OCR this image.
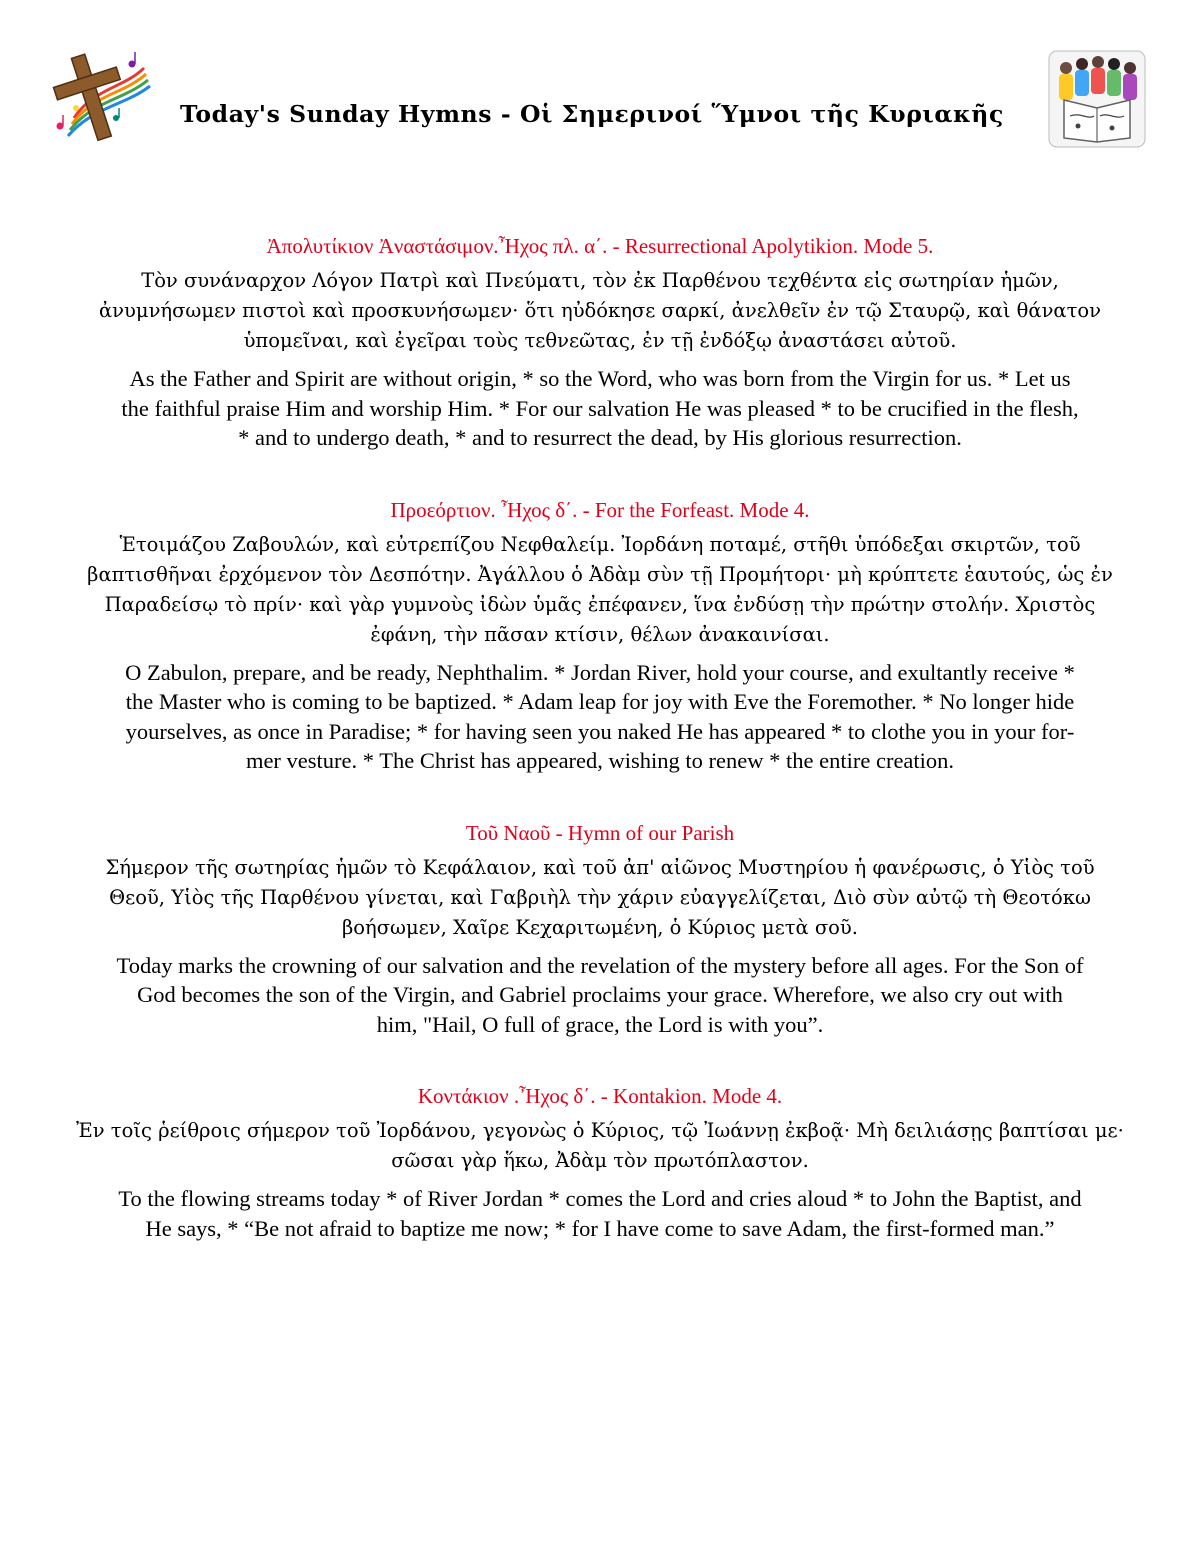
Today's Sunday Hymns - Οἱ Σημερινοί Ὕμνοι τῆς Κυριακῆς
Ἀπολυτίκιον Ἀναστάσιμον.Ἦχος πλ. α΄. - Resurrectional Apolytikion. Mode 5.
Τὸν συνάναρχον Λόγον Πατρὶ καὶ Πνεύματι, τὸν ἐκ Παρθένου τεχθέντα εἰς σωτηρίαν ἡμῶν,
ἀνυμνήσωμεν πιστοὶ καὶ προσκυνήσωμεν· ὅτι ηὐδόκησε σαρκί, ἀνελθεῖν ἐν τῷ Σταυρῷ, καὶ θάνατον
ὑπομεῖναι, καὶ ἐγεῖραι τοὺς τεθνεῶτας, ἐν τῇ ἐνδόξῳ ἀναστάσει αὐτοῦ.
As the Father and Spirit are without origin, * so the Word, who was born from the Virgin for us. * Let us
the faithful praise Him and worship Him. * For our salvation He was pleased * to be crucified in the flesh,
* and to undergo death, * and to resurrect the dead, by His glorious resurrection.
Προεόρτιον. Ἦχος δ΄. - For the Forfeast. Mode 4.
Ἑτοιμάζου Ζαβουλών, καὶ εὐτρεπίζου Νεφθαλείμ. Ἰορδάνη ποταμέ, στῆθι ὑπόδεξαι σκιρτῶν, τοῦ
βαπτισθῆναι ἐρχόμενον τὸν Δεσπότην. Ἀγάλλου ὁ Ἀδὰμ σὺν τῇ Προμήτορι· μὴ κρύπτετε ἑαυτούς, ὡς ἐν
Παραδείσῳ τὸ πρίν· καὶ γὰρ γυμνοὺς ἰδὼν ὑμᾶς ἐπέφανεν, ἵνα ἐνδύσῃ τὴν πρώτην στολήν. Χριστὸς
ἐφάνη, τὴν πᾶσαν κτίσιν, θέλων ἀνακαινίσαι.
O Zabulon, prepare, and be ready, Nephthalim. * Jordan River, hold your course, and exultantly receive *
the Master who is coming to be baptized. * Adam leap for joy with Eve the Foremother. * No longer hide
yourselves, as once in Paradise; * for having seen you naked He has appeared * to clothe you in your for-
mer vesture. * The Christ has appeared, wishing to renew * the entire creation.
Τοῦ Ναοῦ - Hymn of our Parish
Σήμερον τῆς σωτηρίας ἡμῶν τὸ Κεφάλαιον, καὶ τοῦ ἀπ' αἰῶνος Μυστηρίου ἡ φανέρωσις, ὁ Υἱὸς τοῦ
Θεοῦ, Υἱὸς τῆς Παρθένου γίνεται, καὶ Γαβριὴλ τὴν χάριν εὐαγγελίζεται, Διὸ σὺν αὐτῷ τὴ Θεοτόκω
βοήσωμεν, Χαῖρε Κεχαριτωμένη, ὁ Κύριος μετὰ σοῦ.
Today marks the crowning of our salvation and the revelation of the mystery before all ages. For the Son of
God becomes the son of the Virgin, and Gabriel proclaims your grace. Wherefore, we also cry out with
him, "Hail, O full of grace, the Lord is with you”.
Κοντάκιον .Ἦχος δ΄. - Kontakion. Mode 4.
Ἐν τοῖς ῥείθροις σήμερον τοῦ Ἰορδάνου, γεγονὼς ὁ Κύριος, τῷ Ἰωάννῃ ἐκβοᾷ· Μὴ δειλιάσῃς βαπτίσαι με·
σῶσαι γὰρ ἥκω, Ἀδὰμ τὸν πρωτόπλαστον.
To the flowing streams today * of River Jordan * comes the Lord and cries aloud * to John the Baptist, and
He says, * “Be not afraid to baptize me now; * for I have come to save Adam, the first-formed man.”
